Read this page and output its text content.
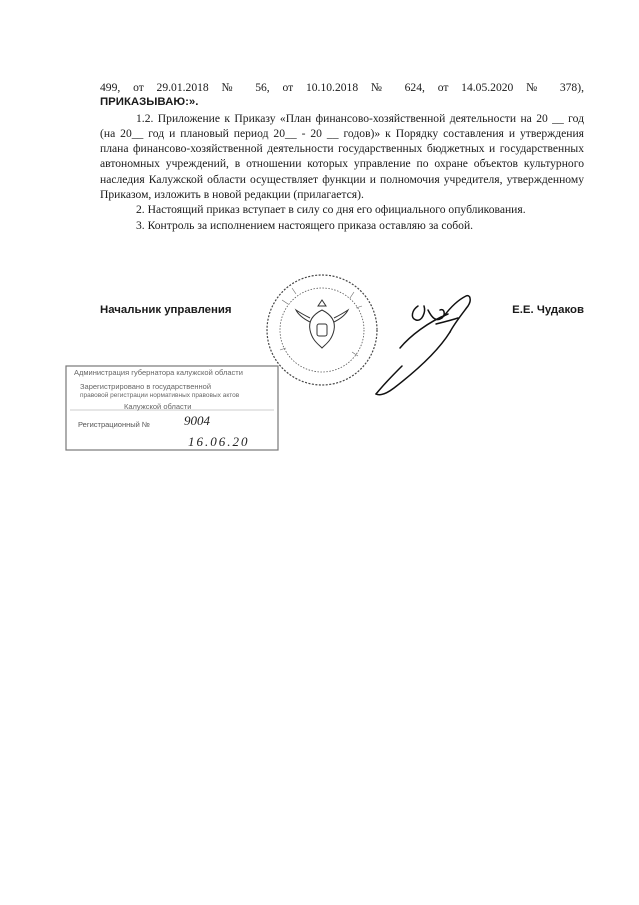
499, от 29.01.2018 № 56, от 10.10.2018 № 624, от 14.05.2020 № 378),

ПРИКАЗЫВАЮ:».

1.2. Приложение к Приказу «План финансово-хозяйственной деятельности на 20 __ год (на 20__ год и плановый период 20__ - 20 __ годов)» к Порядку составления и утверждения плана финансово-хозяйственной деятельности государственных бюджетных и государственных автономных учреждений, в отношении которых управление по охране объектов культурного наследия Калужской области осуществляет функции и полномочия учредителя, утвержденному Приказом, изложить в новой редакции (прилагается).

2. Настоящий приказ вступает в силу со дня его официального опубликования.

3. Контроль за исполнением настоящего приказа оставляю за собой.

Начальник управления	Е.Е. Чудаков
Администрация губернатора калужской области
Зарегистрировано в государственной
правовой регистрации нормативных правовых актов
Калужской области
Регистрационный №	9004
16.06.20
